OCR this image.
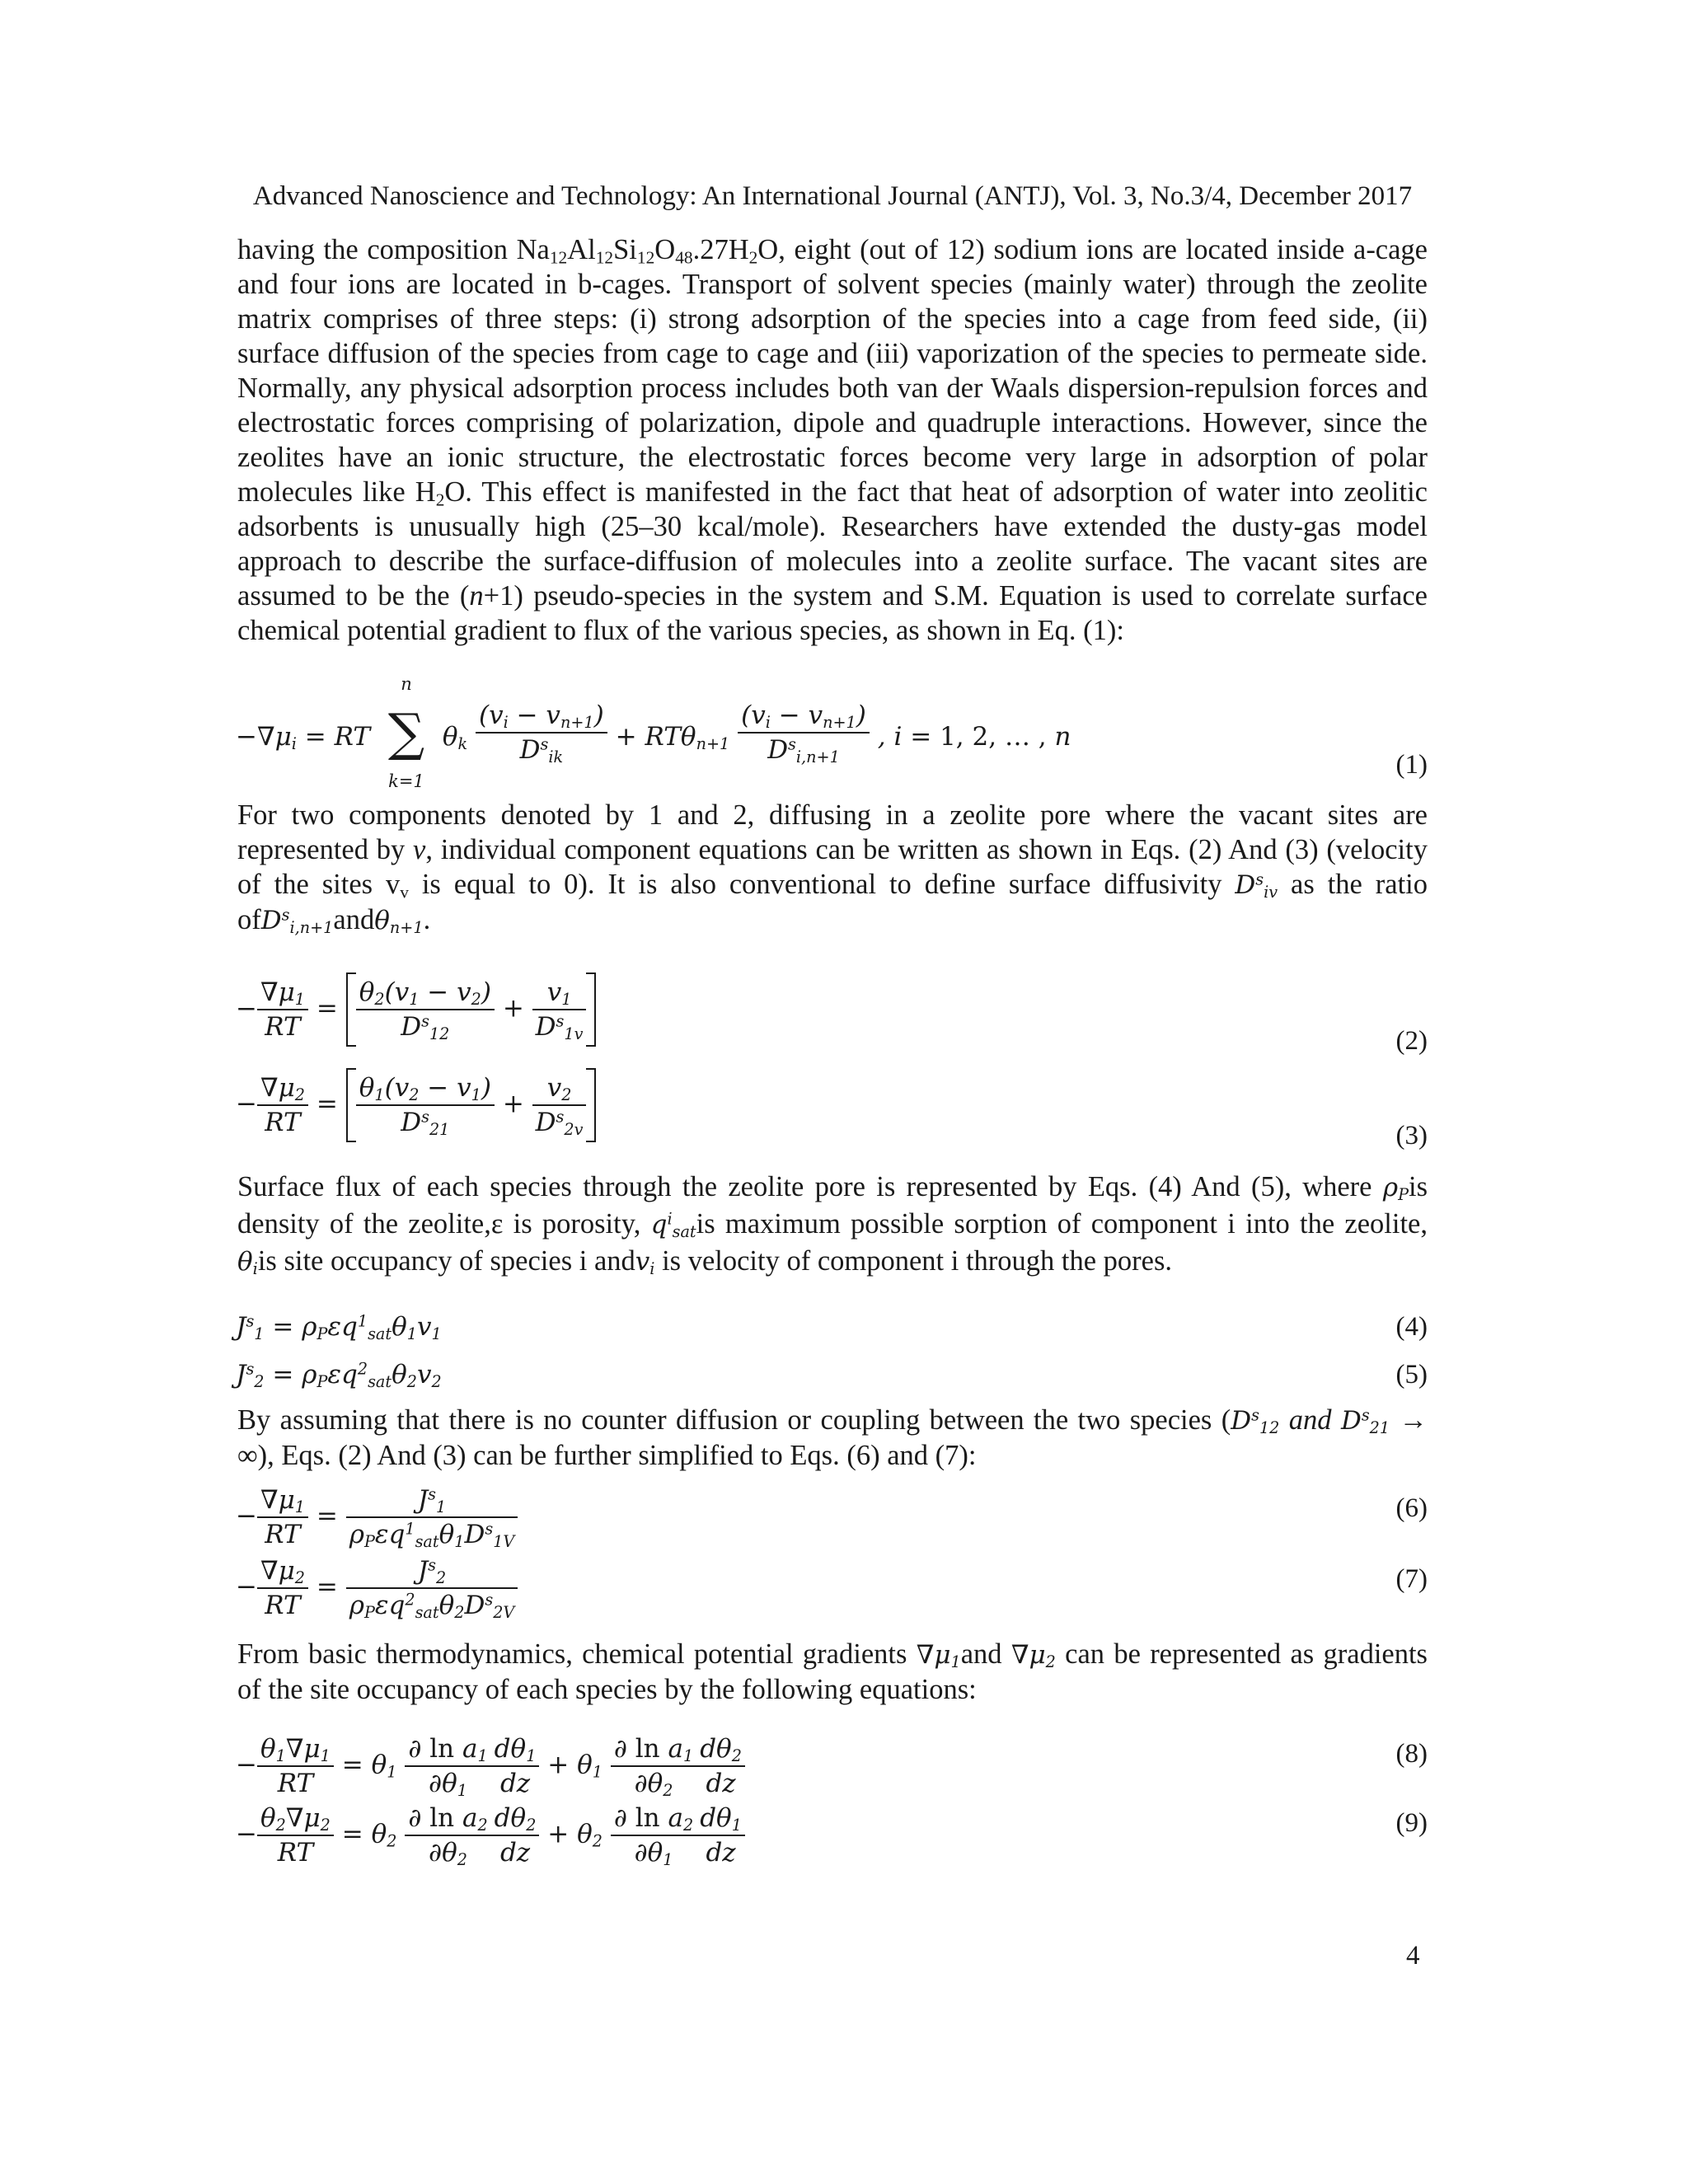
Advanced Nanoscience and Technology: An International Journal (ANTJ), Vol. 3, No.3/4, December 2017
having the composition $Na_{12}Al_{12}Si_{12}O_{48}.27H_2O$, eight (out of 12) sodium ions are located inside a-cage and four ions are located in b-cages. Transport of solvent species (mainly water) through the zeolite matrix comprises of three steps: (i) strong adsorption of the species into a cage from feed side, (ii) surface diffusion of the species from cage to cage and (iii) vaporization of the species to permeate side. Normally, any physical adsorption process includes both van der Waals dispersion-repulsion forces and electrostatic forces comprising of polarization, dipole and quadruple interactions. However, since the zeolites have an ionic structure, the electrostatic forces become very large in adsorption of polar molecules like $H_2O$. This effect is manifested in the fact that heat of adsorption of water into zeolitic adsorbents is unusually high (25–30 kcal/mole). Researchers have extended the dusty-gas model approach to describe the surface-diffusion of molecules into a zeolite surface. The vacant sites are assumed to be the (n+1) pseudo-species in the system and S.M. Equation is used to correlate surface chemical potential gradient to flux of the various species, as shown in Eq. (1):
$-\nabla\mu_i$ = RT
n
∑
k=1
$\theta_k \frac{(v_i - v_{n+1})}{D^s_{ik}} + RT\theta_{n+1} \frac{(v_i - v_{n+1})}{D^s_{i,n+1}}$ , i = 1, 2, … , n
(1)
For two components denoted by 1 and 2, diffusing in a zeolite pore where the vacant sites are represented by v, individual component equations can be written as shown in Eqs. (2) And (3) (velocity of the sites $v_v$ is equal to 0). It is also conventional to define surface diffusivity $D^s_{iv}$ as the ratio ofD$^s_{i,n+1}$andθ$_{n+1}$.
− $\frac{\nabla\mu_1}{RT} = \frac{\theta_2(v_1 - v_2)}{D^s_{12}} + \frac{v_1}{D^s_{1v}}$	(2)
− $\frac{\nabla\mu_2}{RT} = \frac{\theta_1(v_2 - v_1)}{D^s_{21}} + \frac{v_2}{D^s_{2v}}$	(3)
Surface flux of each species through the zeolite pore is represented by Eqs. (4) And (5), where $\rho_Pis$ density of the zeolite,ε is porosity, $q^i_{sat}is$ maximum possible sorption of component i into the zeolite, $\theta_iis$ site occupancy of species i andv$_i$ is velocity of component i through the pores.
$J^s_1 = \rho_P\varepsilon q^1_{sat}\theta_1v_1$	(4)
$J^s_2 = \rho_P\varepsilon q^2_{sat}\theta_2v_2$	(5)
By assuming that there is no counter diffusion or coupling between the two species ($D^s_{12}$ and $D^s_{21}$ → ∞), Eqs. (2) And (3) can be further simplified to Eqs. (6) and (7):
− $\frac{\nabla\mu_1}{RT} = \frac{J^s_1}{\rho_P\varepsilon q^1_{sat}\theta_1D^s_{1V}}$	(6)
− $\frac{\nabla\mu_2}{RT} = \frac{J^s_2}{\rho_P\varepsilon q^2_{sat}\theta_2D^s_{2V}}$	(7)
From basic thermodynamics, chemical potential gradients $\nabla\mu_1and$ $\nabla\mu_2$ can be represented as gradients of the site occupancy of each species by the following equations:
− $\frac{\theta_1\nabla\mu_1}{RT} = \theta_1 \frac{\partial \ln a_1}{\partial\theta_1} \frac{d\theta_1}{dz} + \theta_1 \frac{\partial \ln a_1}{\partial\theta_2} \frac{d\theta_2}{dz}$	(8)
− $\frac{\theta_2\nabla\mu_2}{RT} = \theta_2 \frac{\partial \ln a_2}{\partial\theta_2} \frac{d\theta_2}{dz} + \theta_2 \frac{\partial \ln a_2}{\partial\theta_1} \frac{d\theta_1}{dz}$	(9)
4
